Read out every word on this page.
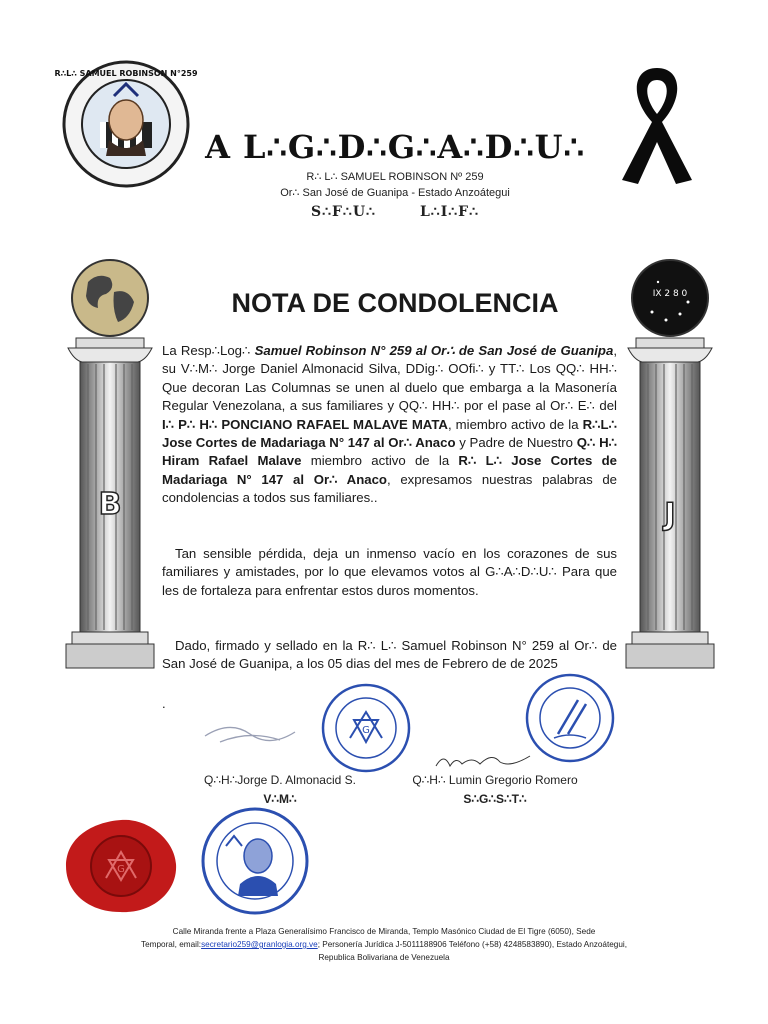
R∴L∴ SAMUEL ROBINSON N°259
A L∴G∴D∴G∴A∴D∴U∴
R∴ L∴ SAMUEL ROBINSON Nº 259
Or∴ San José de Guanipa - Estado Anzoátegui
S∴F∴U∴	L∴I∴F∴
B
IX 2 8 0
J
NOTA DE CONDOLENCIA
La Resp∴Log∴ Samuel Robinson N° 259 al Or∴ de San José de Guanipa, su V∴M∴ Jorge Daniel Almonacid Silva, DDig∴ OOfi∴ y TT∴ Los QQ∴ HH∴ Que decoran Las Columnas se unen al duelo que embarga a la Masonería Regular Venezolana, a sus familiares y QQ∴ HH∴ por el pase al Or∴ E∴ del I∴ P∴ H∴ PONCIANO RAFAEL MALAVE MATA, miembro activo de la R∴L∴ Jose Cortes de Madariaga N° 147 al Or∴ Anaco y Padre de Nuestro Q∴ H∴ Hiram Rafael Malave miembro activo de la R∴ L∴ Jose Cortes de Madariaga N° 147 al Or∴ Anaco, expresamos nuestras palabras de condolencias a todos sus familiares..
Tan sensible pérdida, deja un inmenso vacío en los corazones de sus familiares y amistades, por lo que elevamos votos al G∴A∴D∴U∴ Para que les de fortaleza para enfrentar estos duros momentos.
Dado, firmado y sellado en la R∴ L∴ Samuel Robinson N° 259 al Or∴ de San José de Guanipa, a los 05 dias del mes de Febrero de de 2025
.
G
Q∴H∴Jorge D. Almonacid S.
V∴M∴
Q∴H∴ Lumin Gregorio Romero
S∴G∴S∴T∴
G
Calle Miranda frente a Plaza Generalísimo Francisco de Miranda, Templo Masónico Ciudad de El Tigre (6050), Sede
Temporal, email:secretario259@granlogia.org.ve; Personería Jurídica J-5011188906 Teléfono (+58) 4248583890), Estado Anzoátegui,
Republica Bolivariana de Venezuela
